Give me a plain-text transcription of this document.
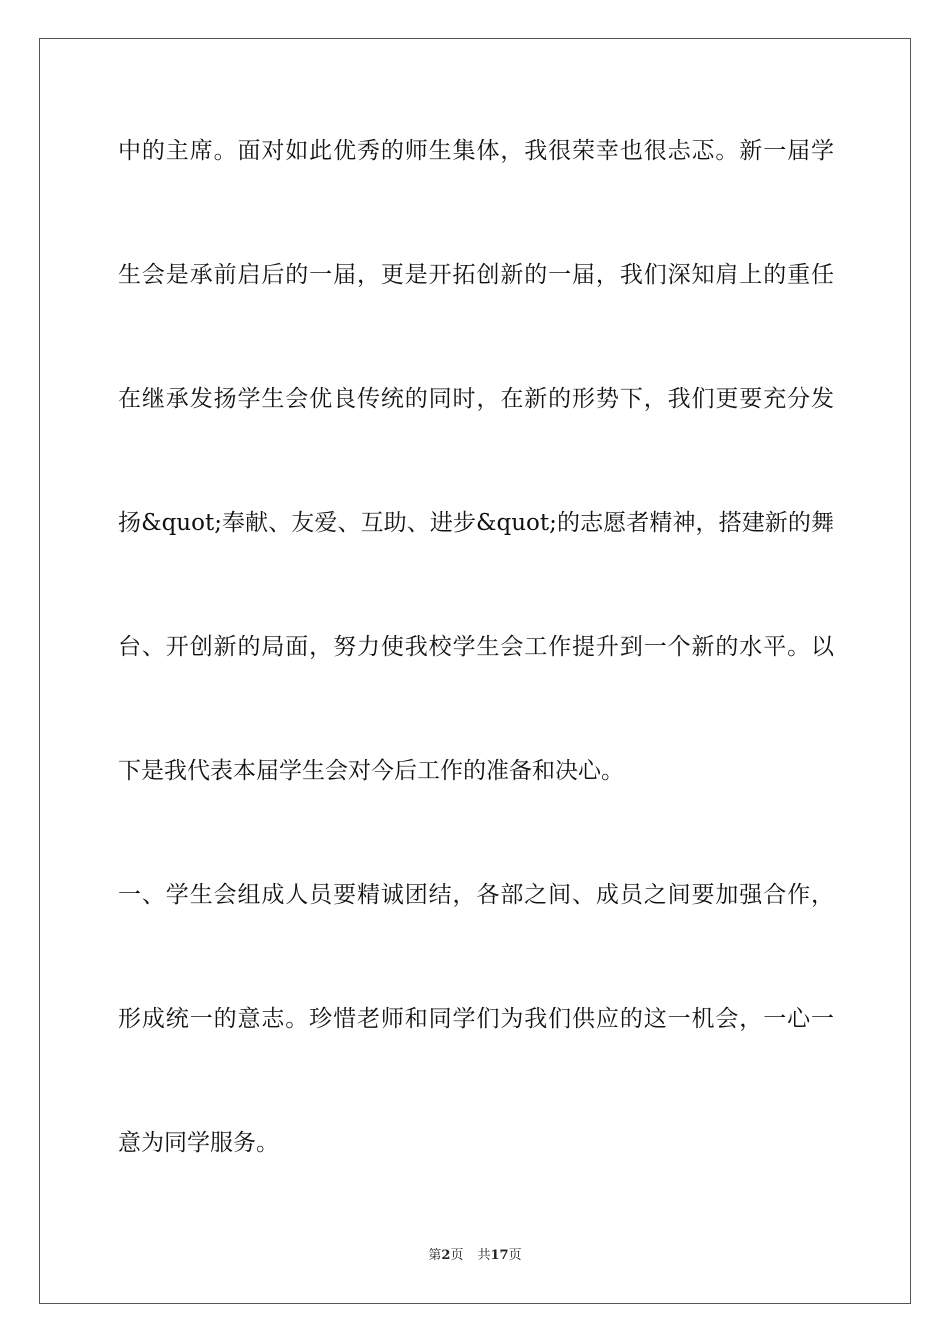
中的主席。面对如此优秀的师生集体，我很荣幸也很忐忑。新一届学
生会是承前启后的一届，更是开拓创新的一届，我们深知肩上的重任
在继承发扬学生会优良传统的同时，在新的形势下，我们更要充分发
扬&quot;奉献、友爱、互助、进步&quot;的志愿者精神，搭建新的舞
台、开创新的局面，努力使我校学生会工作提升到一个新的水平。以
下是我代表本届学生会对今后工作的准备和决心。
一、学生会组成人员要精诚团结，各部之间、成员之间要加强合作，
形成统一的意志。珍惜老师和同学们为我们供应的这一机会，一心一
意为同学服务。
第2页 共17页
